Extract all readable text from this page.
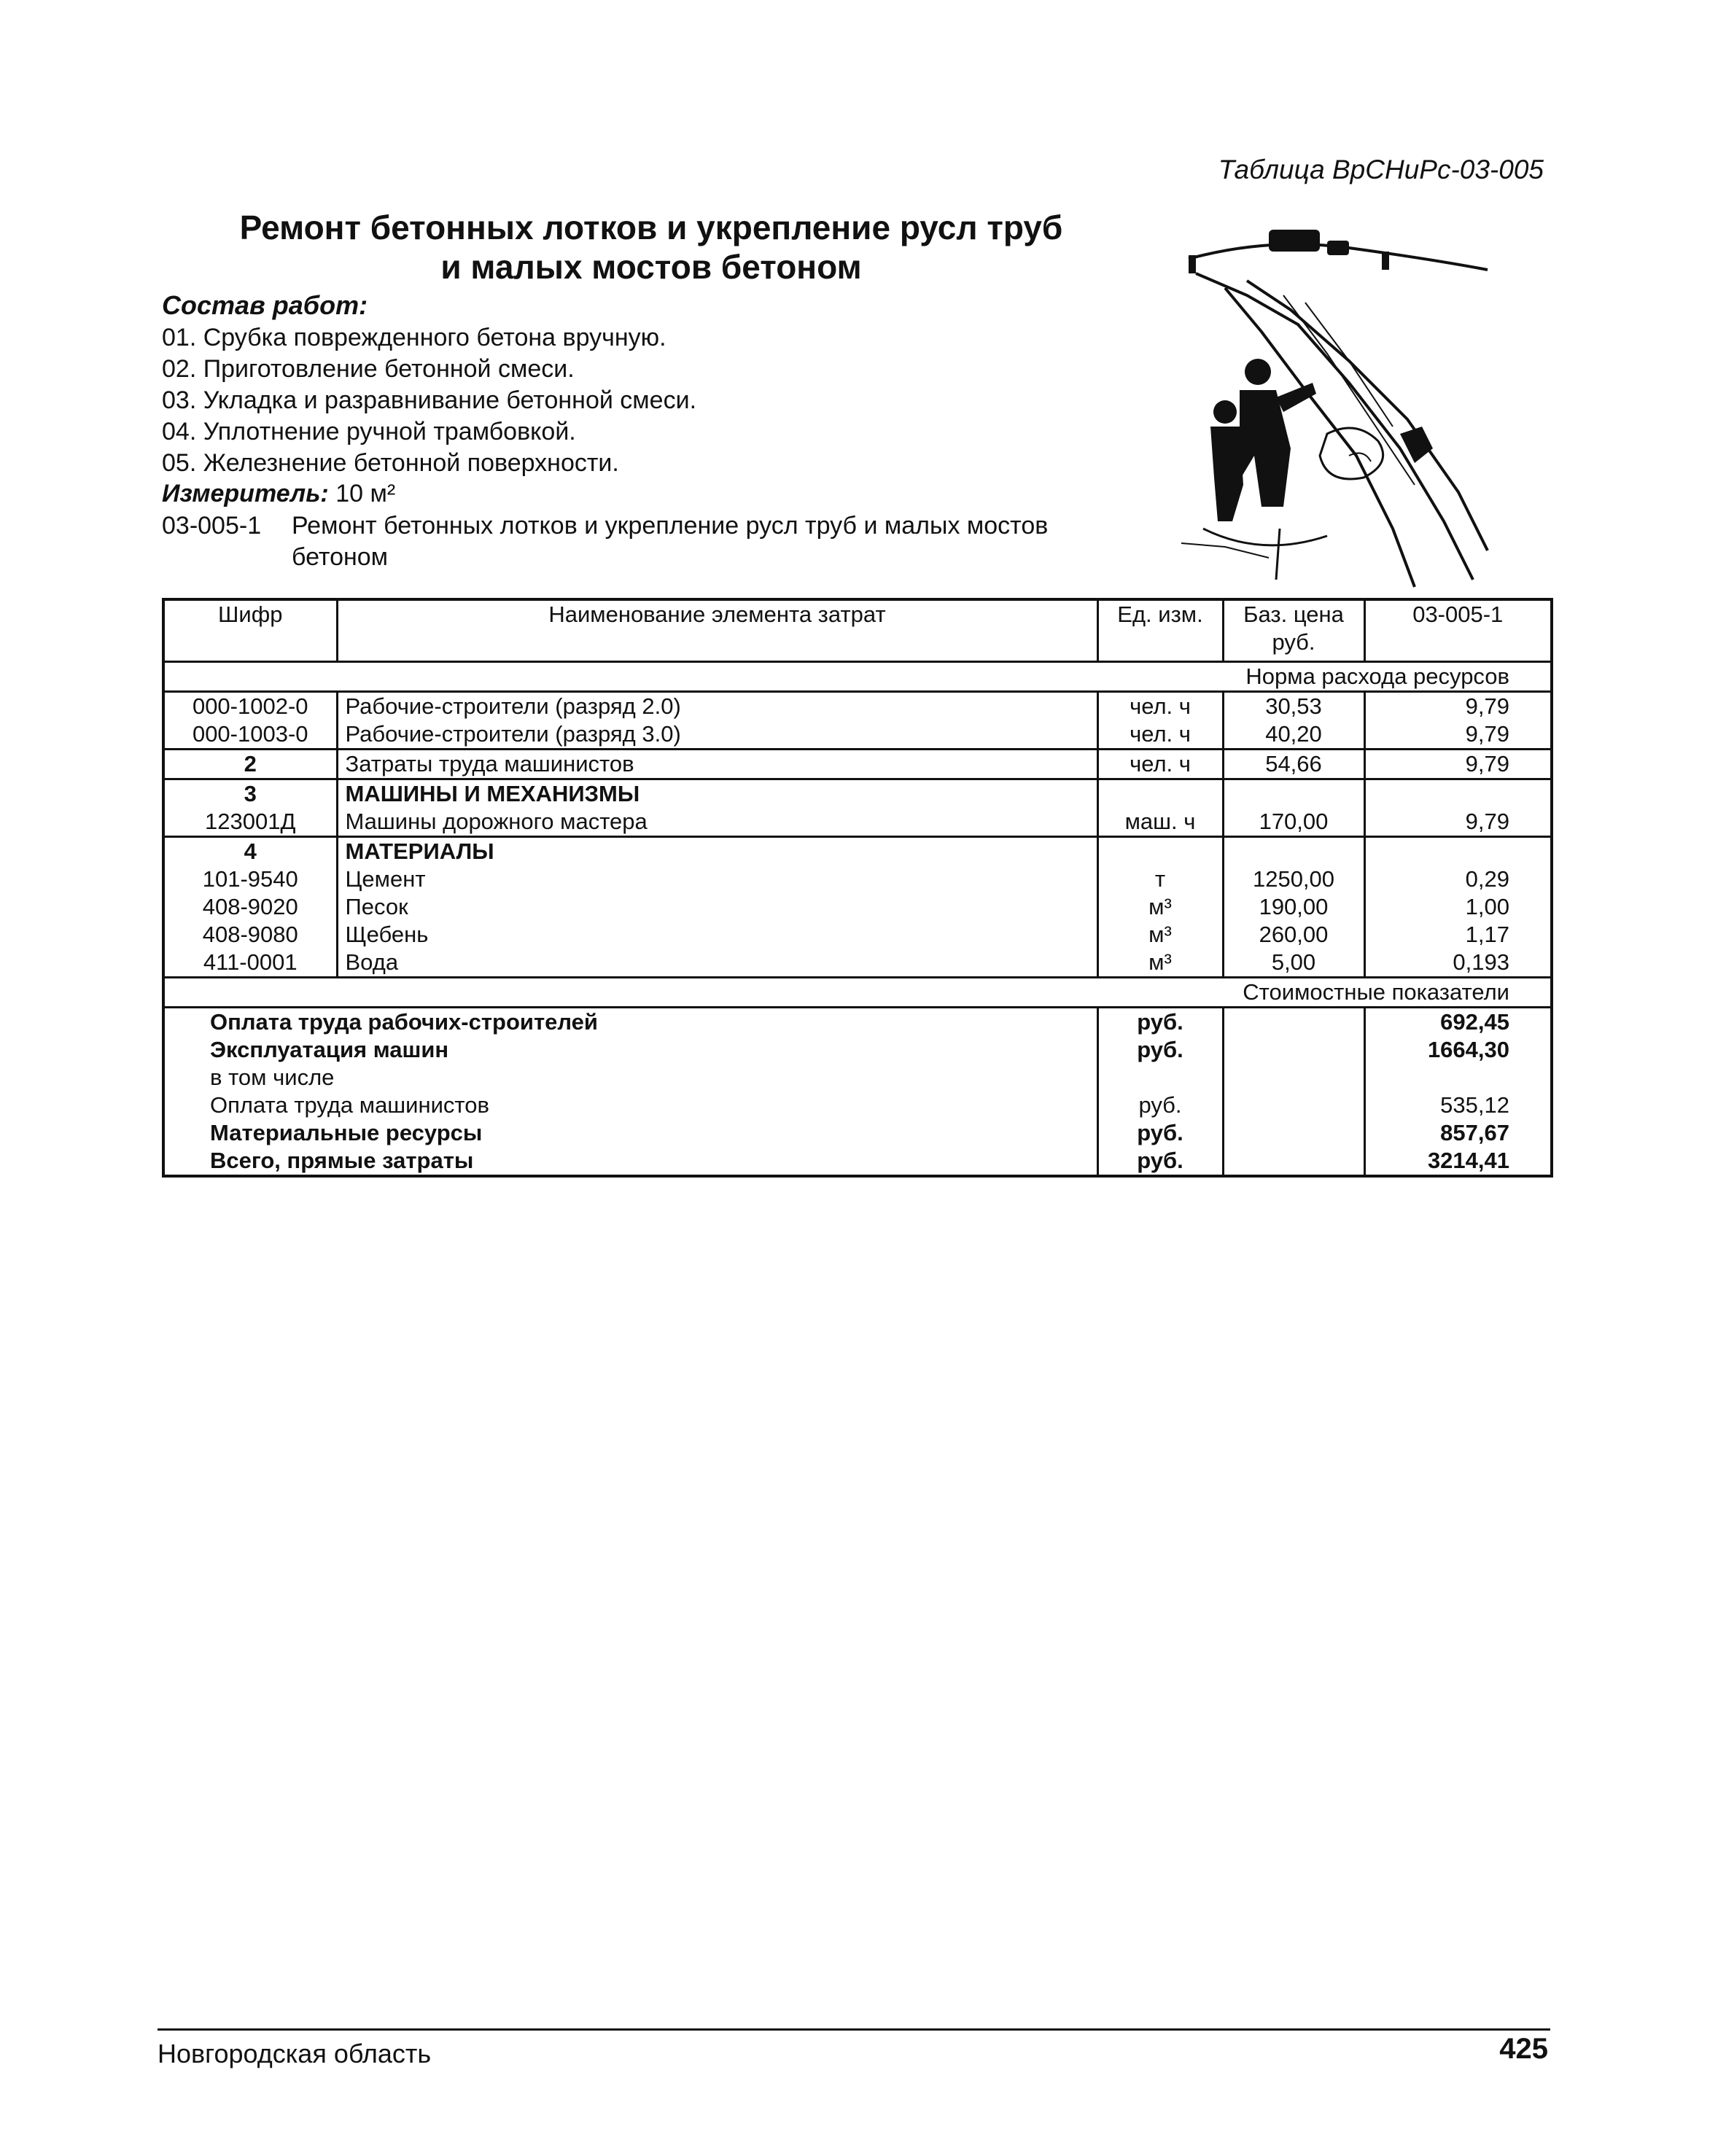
Таблица ВрСНиРс-03-005
Ремонт бетонных лотков и укрепление русл труб
и малых мостов бетоном
Состав работ:
01. Срубка поврежденного бетона вручную.
02. Приготовление бетонной смеси.
03. Укладка и разравнивание бетонной смеси.
04. Уплотнение ручной трамбовкой.
05. Железнение бетонной поверхности.
Измеритель: 10 м²
03-005-1 Ремонт бетонных лотков и укрепление русл труб и малых мостов бетоном
Шифр	Наименование элемента затрат	Ед. изм.	Баз. цена руб.	03-005-1
Норма расхода ресурсов				
000-1002-0	Рабочие-строители (разряд 2.0)	чел. ч	30,53	9,79
000-1003-0	Рабочие-строители (разряд 3.0)	чел. ч	40,20	9,79
2	Затраты труда машинистов	чел. ч	54,66	9,79
3	МАШИНЫ И МЕХАНИЗМЫ			
123001Д	Машины дорожного мастера	маш. ч	170,00	9,79
4	МАТЕРИАЛЫ			
101-9540	Цемент	т	1250,00	0,29
408-9020	Песок	м³	190,00	1,00
408-9080	Щебень	м³	260,00	1,17
411-0001	Вода	м³	5,00	0,193
Стоимостные показатели				
Оплата труда рабочих-строителей		руб.		692,45
Эксплуатация машин		руб.		1664,30
в том числе				
Оплата труда машинистов		руб.		535,12
Материальные ресурсы		руб.		857,67
Всего, прямые затраты		руб.		3214,41
Новгородская область	425
